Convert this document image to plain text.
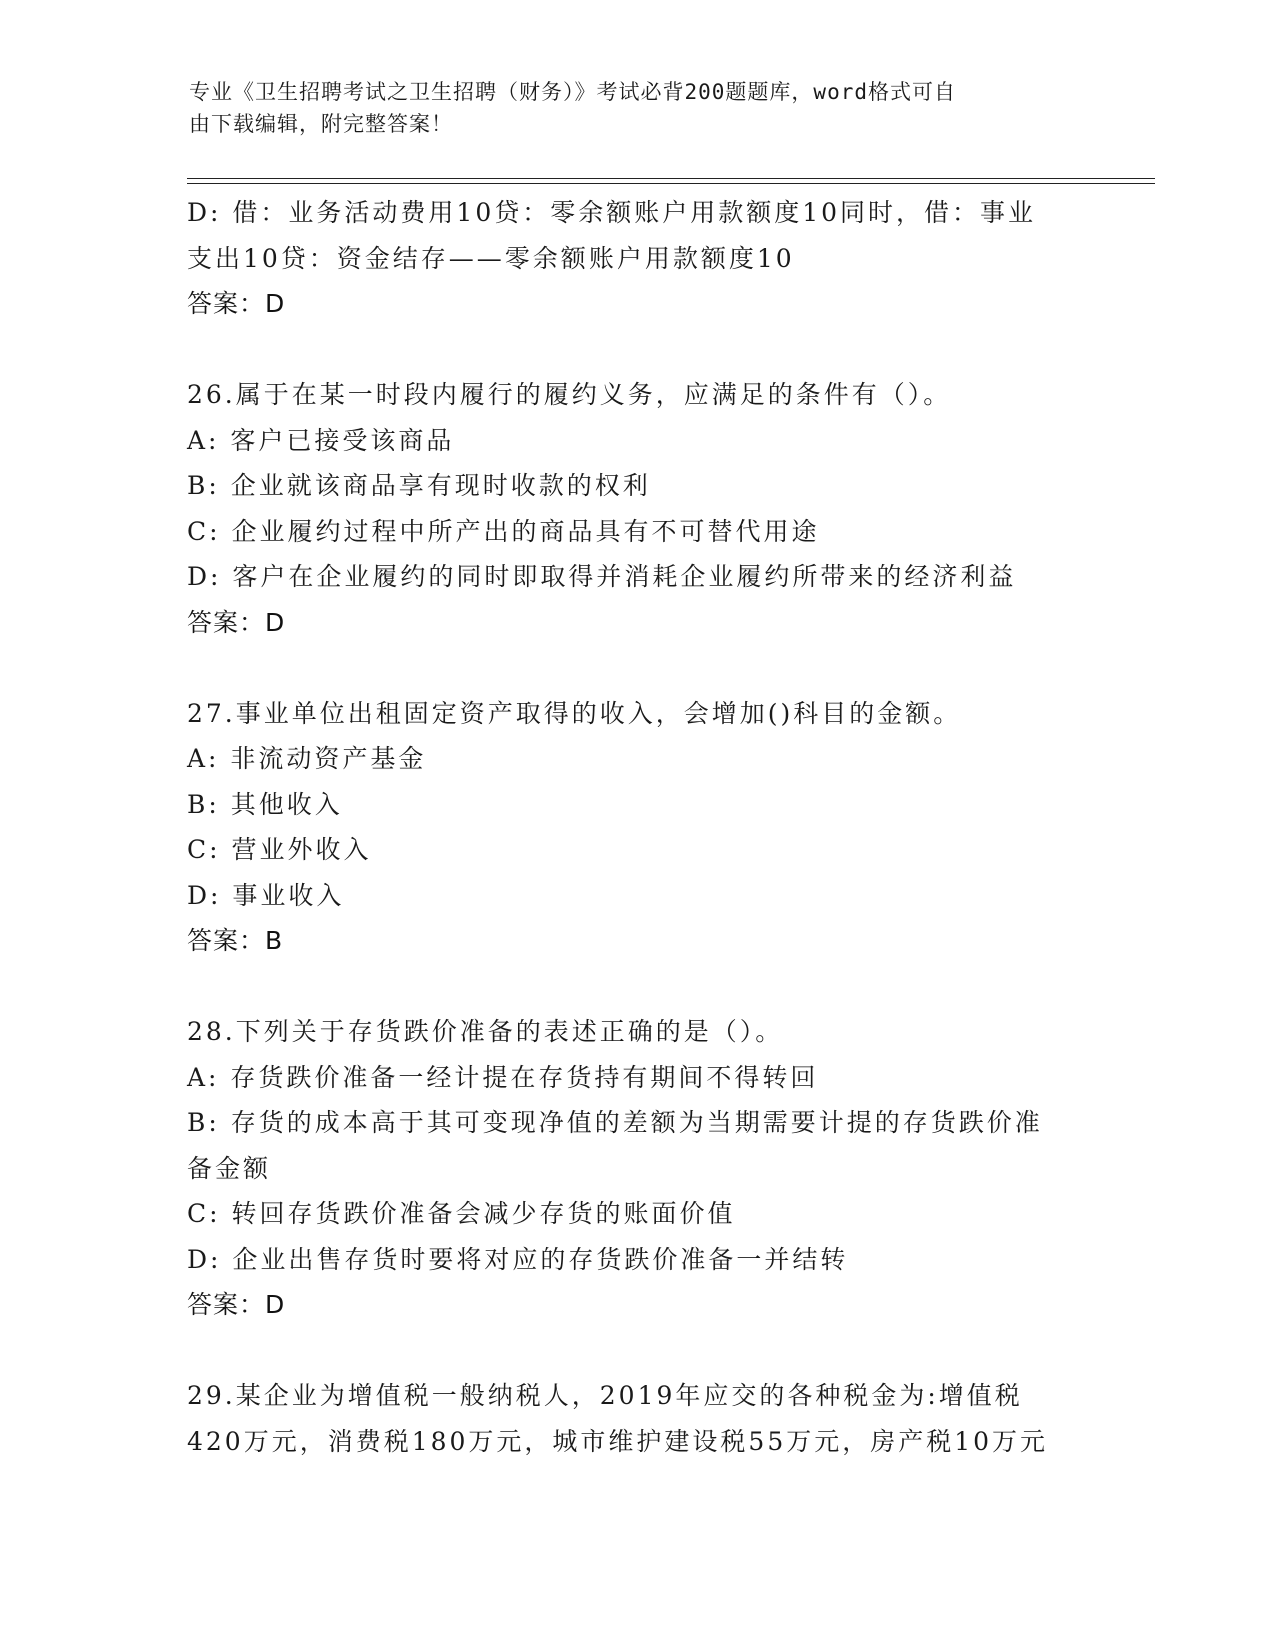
专业《卫生招聘考试之卫生招聘（财务）》考试必背200题题库，word格式可自
由下载编辑，附完整答案！
D: 借：业务活动费用10贷：零余额账户用款额度10同时，借：事业
支出10贷：资金结存——零余额账户用款额度10
答案：D
26.属于在某一时段内履行的履约义务，应满足的条件有（）。
A: 客户已接受该商品
B: 企业就该商品享有现时收款的权利
C: 企业履约过程中所产出的商品具有不可替代用途
D: 客户在企业履约的同时即取得并消耗企业履约所带来的经济利益
答案：D
27.事业单位出租固定资产取得的收入，会增加()科目的金额。
A: 非流动资产基金
B: 其他收入
C: 营业外收入
D: 事业收入
答案：B
28.下列关于存货跌价准备的表述正确的是（）。
A: 存货跌价准备一经计提在存货持有期间不得转回
B: 存货的成本高于其可变现净值的差额为当期需要计提的存货跌价准
备金额
C: 转回存货跌价准备会减少存货的账面价值
D: 企业出售存货时要将对应的存货跌价准备一并结转
答案：D
29.某企业为增值税一般纳税人，2019年应交的各种税金为:增值税
420万元，消费税180万元，城市维护建设税55万元，房产税10万元
